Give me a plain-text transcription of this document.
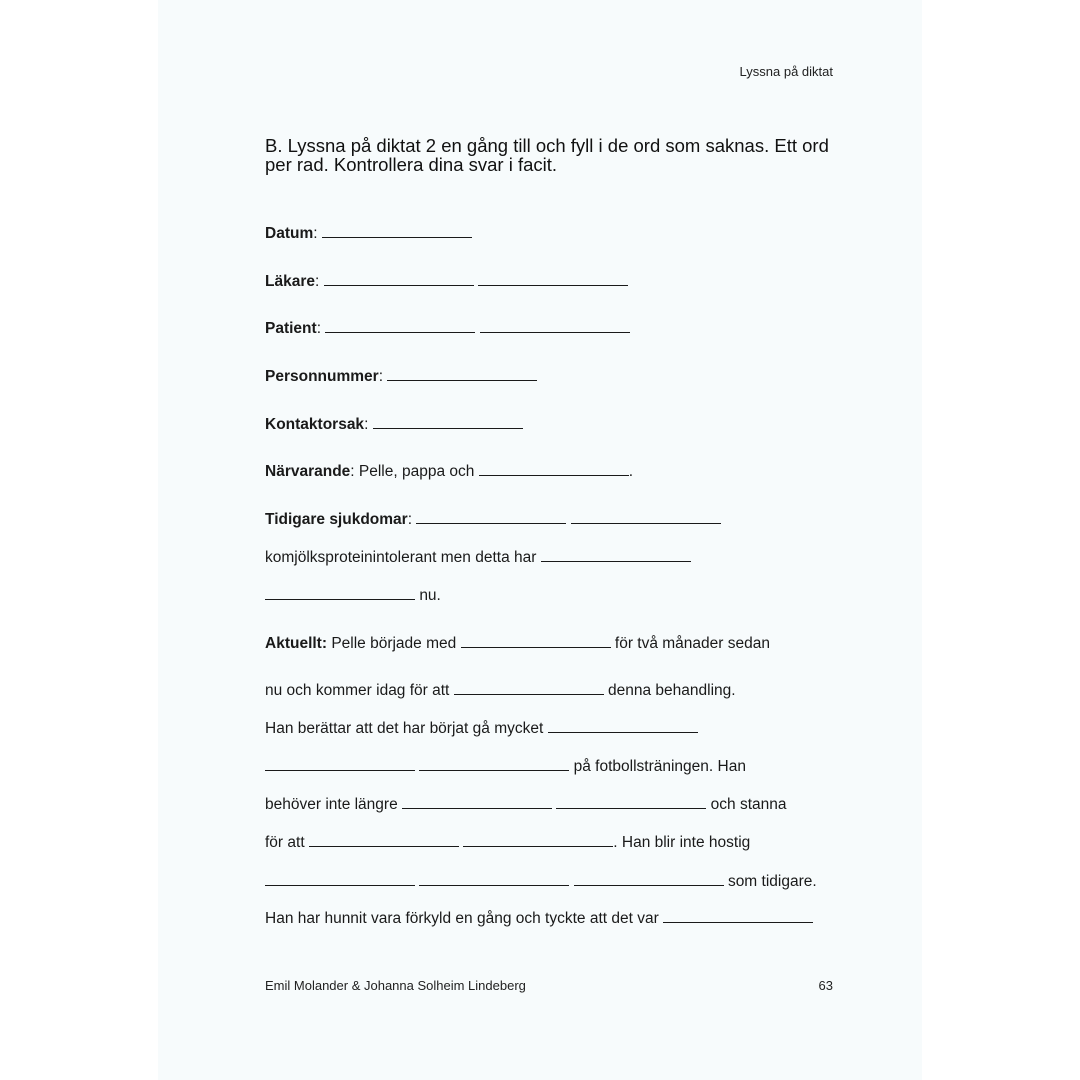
Lyssna på diktat
B. Lyssna på diktat 2 en gång till och fyll i de ord som saknas. Ett ord per rad. Kontrollera dina svar i facit.
Datum:
Läkare:
Patient:
Personnummer:
Kontaktorsak:
Närvarande: Pelle, pappa och	.
Tidigare sjukdomar:
komjölksproteinintolerant men detta har
nu.
Aktuellt: Pelle började med	för två månader sedan
nu och kommer idag för att	denna behandling.
Han berättar att det har börjat gå mycket
på fotbollsträningen. Han
behöver inte längre	och stanna
för att	. Han blir inte hostig
som tidigare.
Han har hunnit vara förkyld en gång och tyckte att det var
Emil Molander & Johanna Solheim Lindeberg	63
